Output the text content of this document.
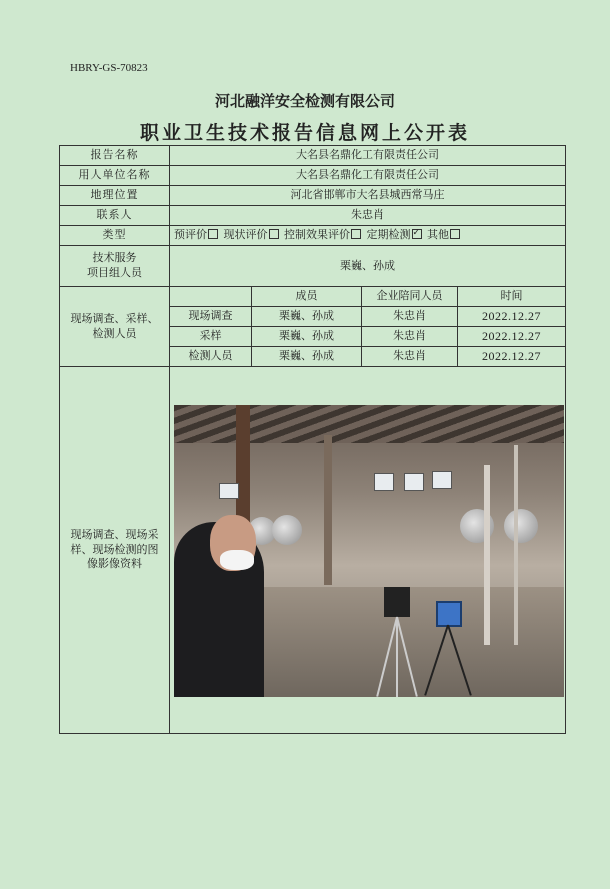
HBRY-GS-70823
河北融洋安全检测有限公司
职业卫生技术报告信息网上公开表
报告名称	大名县名鼎化工有限责任公司			
用人单位名称	大名县名鼎化工有限责任公司			
地理位置	河北省邯郸市大名县城西常马庄			
联系人	朱忠肖			
类型	预评价 现状评价 控制效果评价 定期检测 ✓ 其他

技术服务
项目组人员	栗巍、孙成			
现场调查、采样、检测人员		成员	企业陪同人员	时间
	现场调查	栗巍、孙成	朱忠肖	2022.12.27
	采样	栗巍、孙成	朱忠肖	2022.12.27
	检测人员	栗巍、孙成	朱忠肖	2022.12.27
现场调查、现场采样、现场检测的图像影像资料				
